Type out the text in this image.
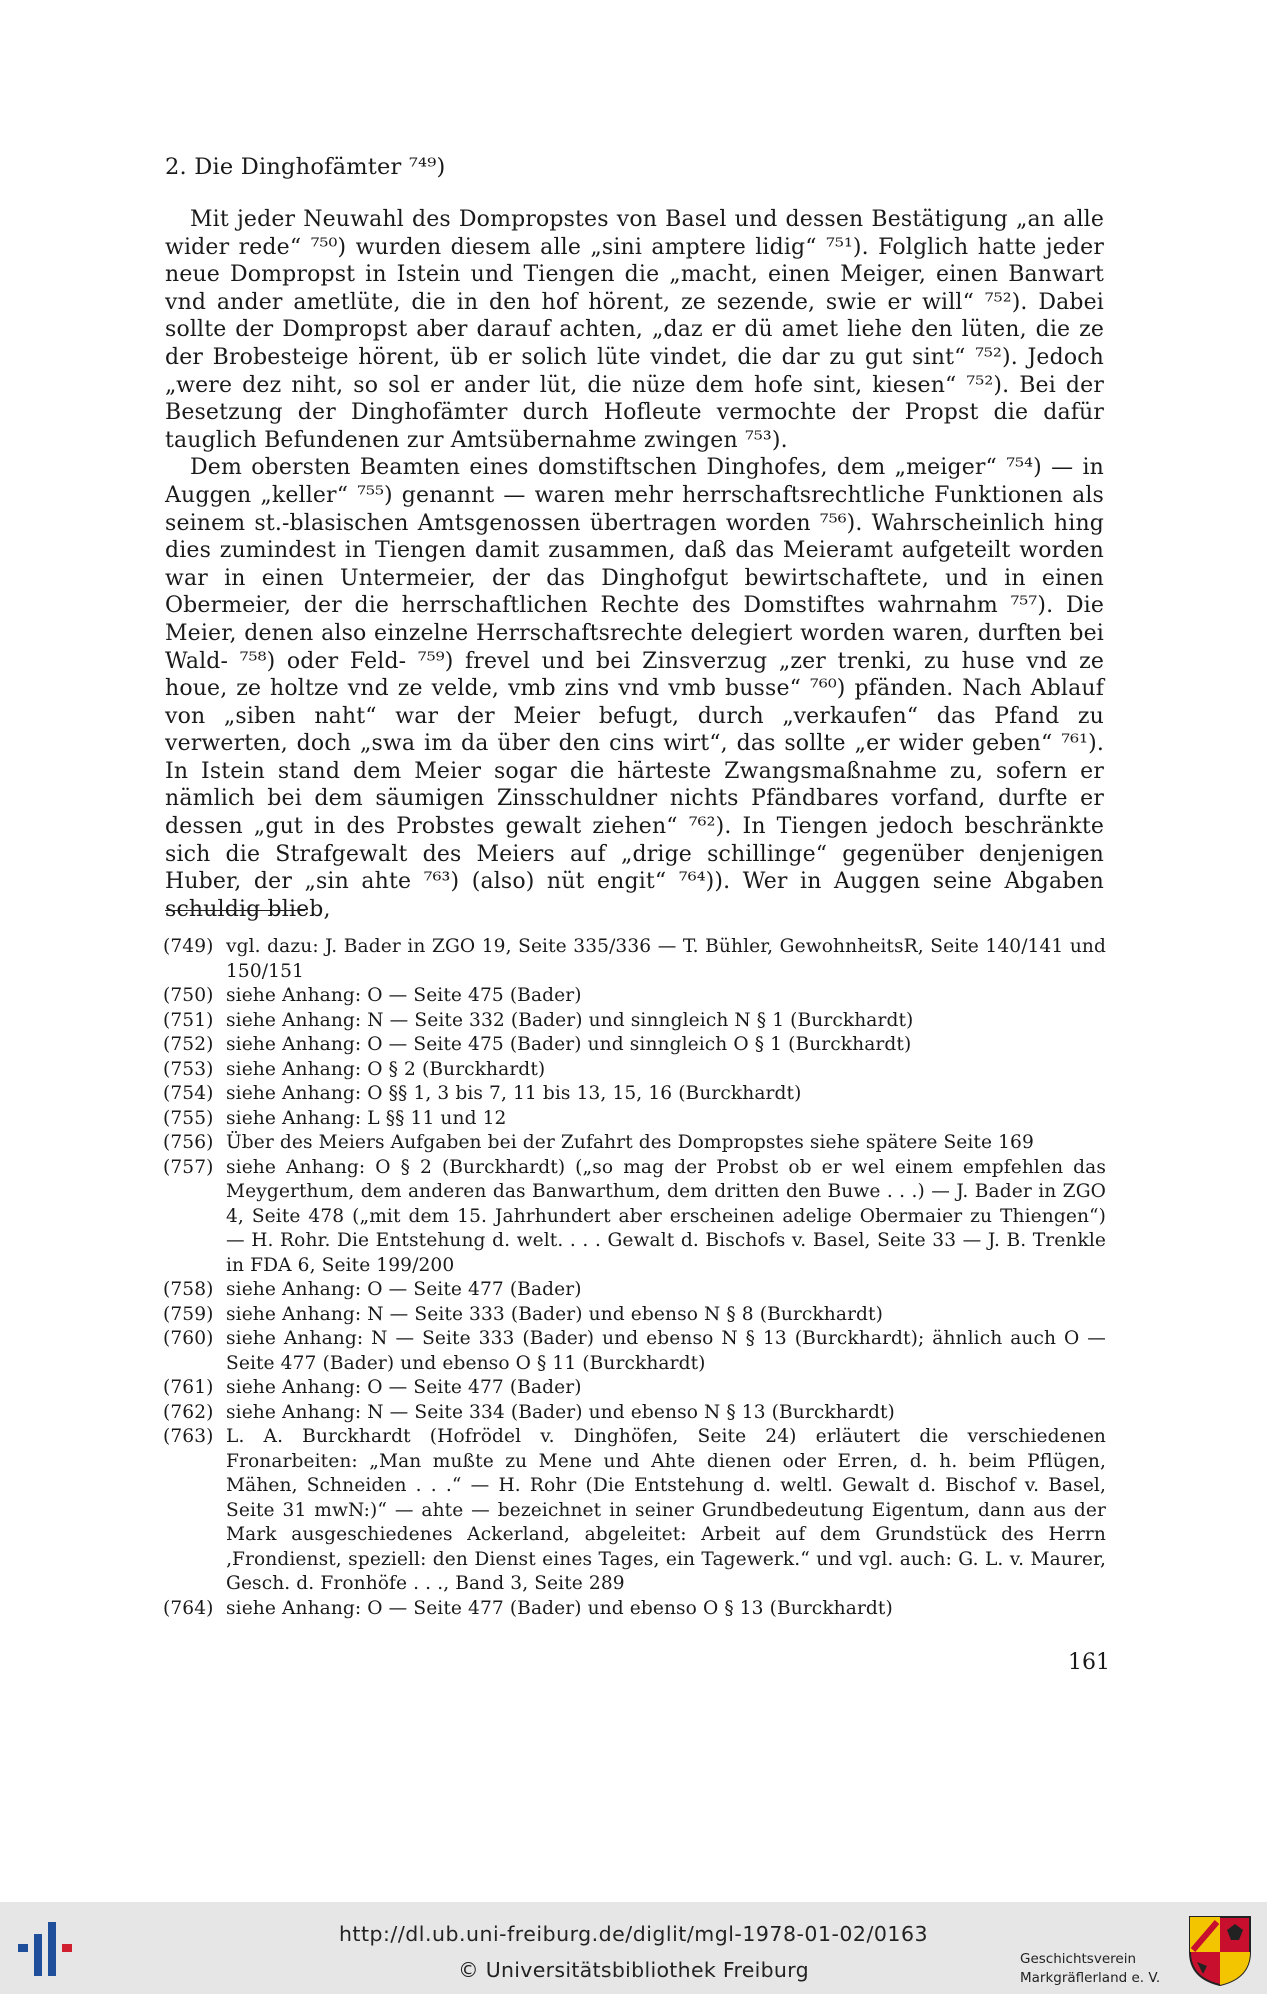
2. Die Dinghofämter ⁷⁴⁹)

Mit jeder Neuwahl des Dompropstes von Basel und dessen Bestätigung „an alle wider rede“ ⁷⁵⁰) wurden diesem alle „sini amptere lidig“ ⁷⁵¹). Folglich hatte jeder neue Dompropst in Istein und Tiengen die „macht, einen Meiger, einen Banwart vnd ander ametlüte, die in den hof hörent, ze sezende, swie er will“ ⁷⁵²). Dabei sollte der Dompropst aber darauf achten, „daz er dü amet liehe den lüten, die ze der Brobesteige hörent, üb er solich lüte vindet, die dar zu gut sint“ ⁷⁵²). Jedoch „were dez niht, so sol er ander lüt, die nüze dem hofe sint, kiesen“ ⁷⁵²). Bei der Besetzung der Dinghofämter durch Hofleute vermochte der Propst die dafür tauglich Befundenen zur Amtsübernahme zwingen ⁷⁵³).

Dem obersten Beamten eines domstiftschen Dinghofes, dem „meiger“ ⁷⁵⁴) — in Auggen „keller“ ⁷⁵⁵) genannt — waren mehr herrschaftsrechtliche Funktionen als seinem st.-blasischen Amtsgenossen übertragen worden ⁷⁵⁶). Wahrscheinlich hing dies zumindest in Tiengen damit zusammen, daß das Meieramt aufgeteilt worden war in einen Untermeier, der das Dinghofgut bewirtschaftete, und in einen Obermeier, der die herrschaftlichen Rechte des Domstiftes wahrnahm ⁷⁵⁷). Die Meier, denen also einzelne Herrschaftsrechte delegiert worden waren, durften bei Wald- ⁷⁵⁸) oder Feld- ⁷⁵⁹) frevel und bei Zinsverzug „zer trenki, zu huse vnd ze houe, ze holtze vnd ze velde, vmb zins vnd vmb busse“ ⁷⁶⁰) pfänden. Nach Ablauf von „siben naht“ war der Meier befugt, durch „verkaufen“ das Pfand zu verwerten, doch „swa im da über den cins wirt“, das sollte „er wider geben“ ⁷⁶¹). In Istein stand dem Meier sogar die härteste Zwangsmaßnahme zu, sofern er nämlich bei dem säumigen Zinsschuldner nichts Pfändbares vorfand, durfte er dessen „gut in des Probstes gewalt ziehen“ ⁷⁶²). In Tiengen jedoch beschränkte sich die Strafgewalt des Meiers auf „drige schillinge“ gegenüber denjenigen Huber, der „sin ahte ⁷⁶³) (also) nüt engit“ ⁷⁶⁴)). Wer in Auggen seine Abgaben schuldig blieb,

(749) vgl. dazu: J. Bader in ZGO 19, Seite 335/336 — T. Bühler, GewohnheitsR, Seite 140/141 und 150/151
(750) siehe Anhang: O — Seite 475 (Bader)
(751) siehe Anhang: N — Seite 332 (Bader) und sinngleich N § 1 (Burckhardt)
(752) siehe Anhang: O — Seite 475 (Bader) und sinngleich O § 1 (Burckhardt)
(753) siehe Anhang: O § 2 (Burckhardt)
(754) siehe Anhang: O §§ 1, 3 bis 7, 11 bis 13, 15, 16 (Burckhardt)
(755) siehe Anhang: L §§ 11 und 12
(756) Über des Meiers Aufgaben bei der Zufahrt des Dompropstes siehe spätere Seite 169
(757) siehe Anhang: O § 2 (Burckhardt) („so mag der Probst ob er wel einem empfehlen das Meygerthum, dem anderen das Banwarthum, dem dritten den Buwe . . .) — J. Bader in ZGO 4, Seite 478 („mit dem 15. Jahrhundert aber erscheinen adelige Obermaier zu Thiengen“) — H. Rohr. Die Entstehung d. welt. . . . Gewalt d. Bischofs v. Basel, Seite 33 — J. B. Trenkle in FDA 6, Seite 199/200
(758) siehe Anhang: O — Seite 477 (Bader)
(759) siehe Anhang: N — Seite 333 (Bader) und ebenso N § 8 (Burckhardt)
(760) siehe Anhang: N — Seite 333 (Bader) und ebenso N § 13 (Burckhardt); ähnlich auch O — Seite 477 (Bader) und ebenso O § 11 (Burckhardt)
(761) siehe Anhang: O — Seite 477 (Bader)
(762) siehe Anhang: N — Seite 334 (Bader) und ebenso N § 13 (Burckhardt)
(763) L. A. Burckhardt (Hofrödel v. Dinghöfen, Seite 24) erläutert die verschiedenen Fronarbeiten: „Man mußte zu Mene und Ahte dienen oder Erren, d. h. beim Pflügen, Mähen, Schneiden . . .“ — H. Rohr (Die Entstehung d. weltl. Gewalt d. Bischof v. Basel, Seite 31 mwN:)“ — ahte — bezeichnet in seiner Grundbedeutung Eigentum, dann aus der Mark ausgeschiedenes Ackerland, abgeleitet: Arbeit auf dem Grundstück des Herrn ‚Frondienst, speziell: den Dienst eines Tages, ein Tagewerk.“ und vgl. auch: G. L. v. Maurer, Gesch. d. Fronhöfe . . ., Band 3, Seite 289
(764) siehe Anhang: O — Seite 477 (Bader) und ebenso O § 13 (Burckhardt)
161
http://dl.ub.uni-freiburg.de/diglit/mgl-1978-01-02/0163
© Universitätsbibliothek Freiburg	Geschichtsverein
Markgräflerland e. V.
